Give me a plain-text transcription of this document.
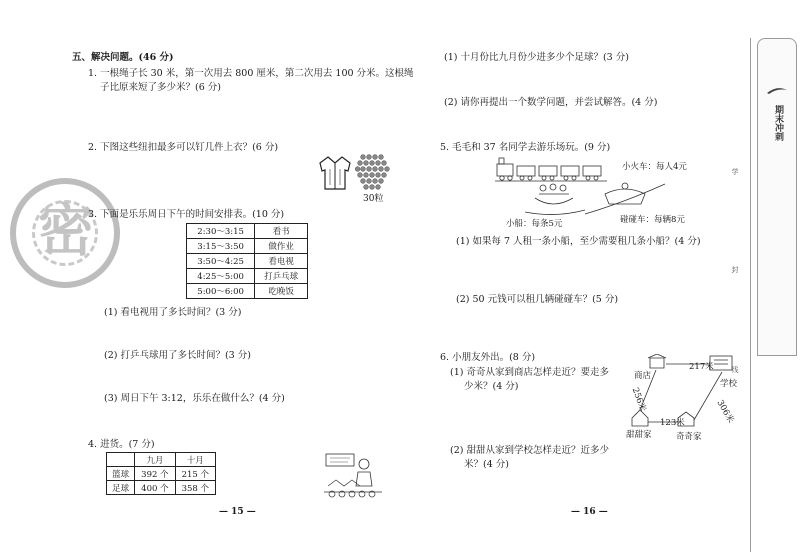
密
五、解决问题。(46 分)
1. 一根绳子长 30 米，第一次用去 800 厘米，第二次用去 100 分米。这根绳
子比原来短了多少米？(6 分)
2. 下图这些纽扣最多可以钉几件上衣？(6 分)
30粒
3. 下面是乐乐周日下午的时间安排表。(10 分)
2:30～3:15	看书
3:15～3:50	做作业
3:50～4:25	看电视
4:25～5:00	打乒乓球
5:00～6:00	吃晚饭
(1) 看电视用了多长时间？(3 分)
(2) 打乒乓球用了多长时间？(3 分)
(3) 周日下午 3:12，乐乐在做什么？(4 分)
4. 进货。(7 分)
	九月	十月
篮球	392 个	215 个
足球	400 个	358 个
— 15 —
(1) 十月份比九月份少进多少个足球？(3 分)
(2) 请你再提出一个数学问题，并尝试解答。(4 分)
5. 毛毛和 37 名同学去游乐场玩。(9 分)
小火车：每人4元
小船：每条5元	碰碰车：每辆8元
(1) 如果每 7 人租一条小船，至少需要租几条小船？(4 分)
(2) 50 元钱可以租几辆碰碰车？(5 分)
6. 小朋友外出。(8 分)
(1) 奇奇从家到商店怎样走近？要走多
少米？(4 分)
(2) 甜甜从家到学校怎样走近？近多少
米？(4 分)
217米
商店
学校
256米
123米	306米
甜甜家	奇奇家
— 16 —
期末冲刺
学
封
线
